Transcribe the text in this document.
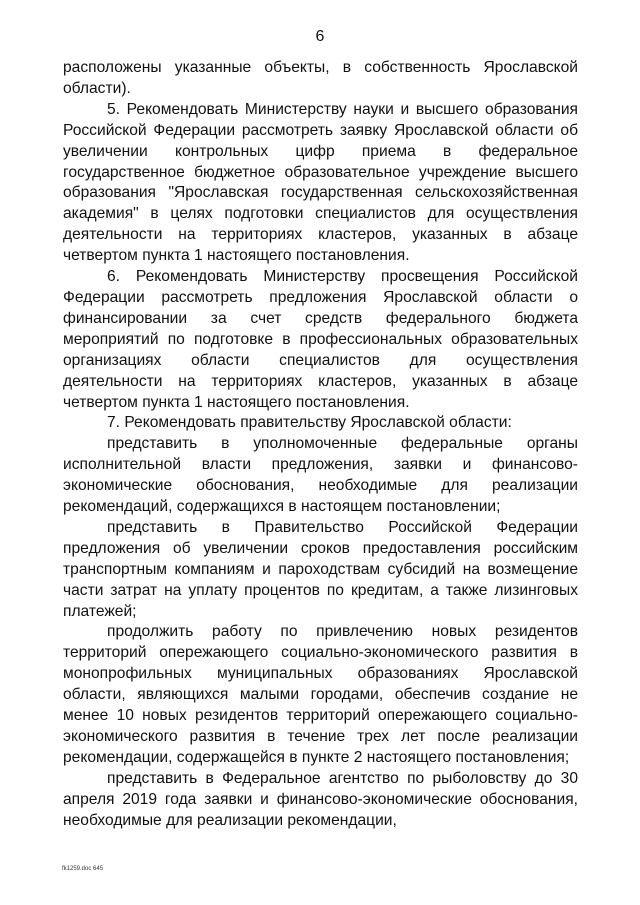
6

расположены указанные объекты, в собственность Ярославской области).

5. Рекомендовать Министерству науки и высшего образования Российской Федерации рассмотреть заявку Ярославской области об увеличении контрольных цифр приема в федеральное государственное бюджетное образовательное учреждение высшего образования "Ярославская государственная сельскохозяйственная академия" в целях подготовки специалистов для осуществления деятельности на территориях кластеров, указанных в абзаце четвертом пункта 1 настоящего постановления.

6. Рекомендовать Министерству просвещения Российской Федерации рассмотреть предложения Ярославской области о финансировании за счет средств федерального бюджета мероприятий по подготовке в профессиональных образовательных организациях области специалистов для осуществления деятельности на территориях кластеров, указанных в абзаце четвертом пункта 1 настоящего постановления.

7. Рекомендовать правительству Ярославской области:

представить в уполномоченные федеральные органы исполнительной власти предложения, заявки и финансово-экономические обоснования, необходимые для реализации рекомендаций, содержащихся в настоящем постановлении;

представить в Правительство Российской Федерации предложения об увеличении сроков предоставления российским транспортным компаниям и пароходствам субсидий на возмещение части затрат на уплату процентов по кредитам, а также лизинговых платежей;

продолжить работу по привлечению новых резидентов территорий опережающего социально-экономического развития в монопрофильных муниципальных образованиях Ярославской области, являющихся малыми городами, обеспечив создание не менее 10 новых резидентов территорий опережающего социально-экономического развития в течение трех лет после реализации рекомендации, содержащейся в пункте 2 настоящего постановления;

представить в Федеральное агентство по рыболовству до 30 апреля 2019 года заявки и финансово-экономические обоснования, необходимые для реализации рекомендации,

fk1259.doc 645
